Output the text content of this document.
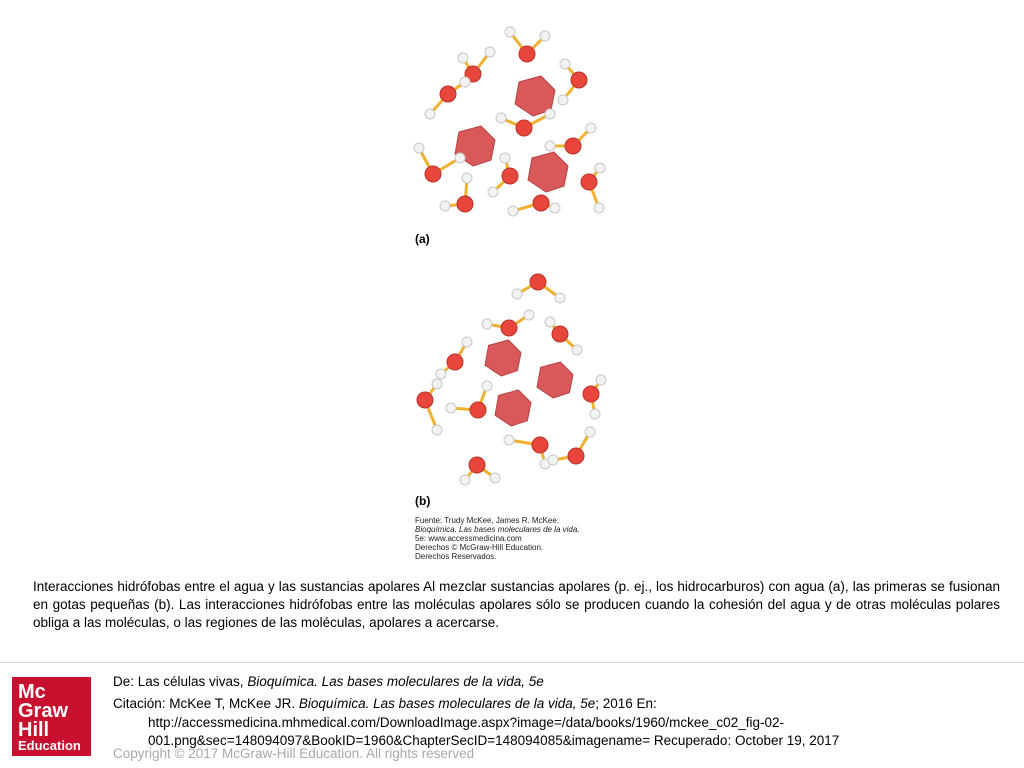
(a)
(b)
Fuente: Trudy McKee, James R. McKee:
Bioquímica. Las bases moleculares de la vida,
5e: www.accessmedicina.com
Derechos © McGraw-Hill Education.
Derechos Reservados.
Interacciones hidrófobas entre el agua y las sustancias apolares Al mezclar sustancias apolares (p. ej., los hidrocarburos) con agua (a), las primeras se fusionan en gotas pequeñas (b). Las interacciones hidrófobas entre las moléculas apolares sólo se producen cuando la cohesión del agua y de otras moléculas polares obliga a las moléculas, o las regiones de las moléculas, apolares a acercarse.
Mc
Graw
Hill
Education
De: Las células vivas, Bioquímica. Las bases moleculares de la vida, 5e
Citación: McKee T, McKee JR. Bioquímica. Las bases moleculares de la vida, 5e; 2016 En:
http://accessmedicina.mhmedical.com/DownloadImage.aspx?image=/data/books/1960/mckee_c02_fig-02-001.png&sec=148094097&BookID=1960&ChapterSecID=148094085&imagename= Recuperado: October 19, 2017
Copyright © 2017 McGraw-Hill Education. All rights reserved
